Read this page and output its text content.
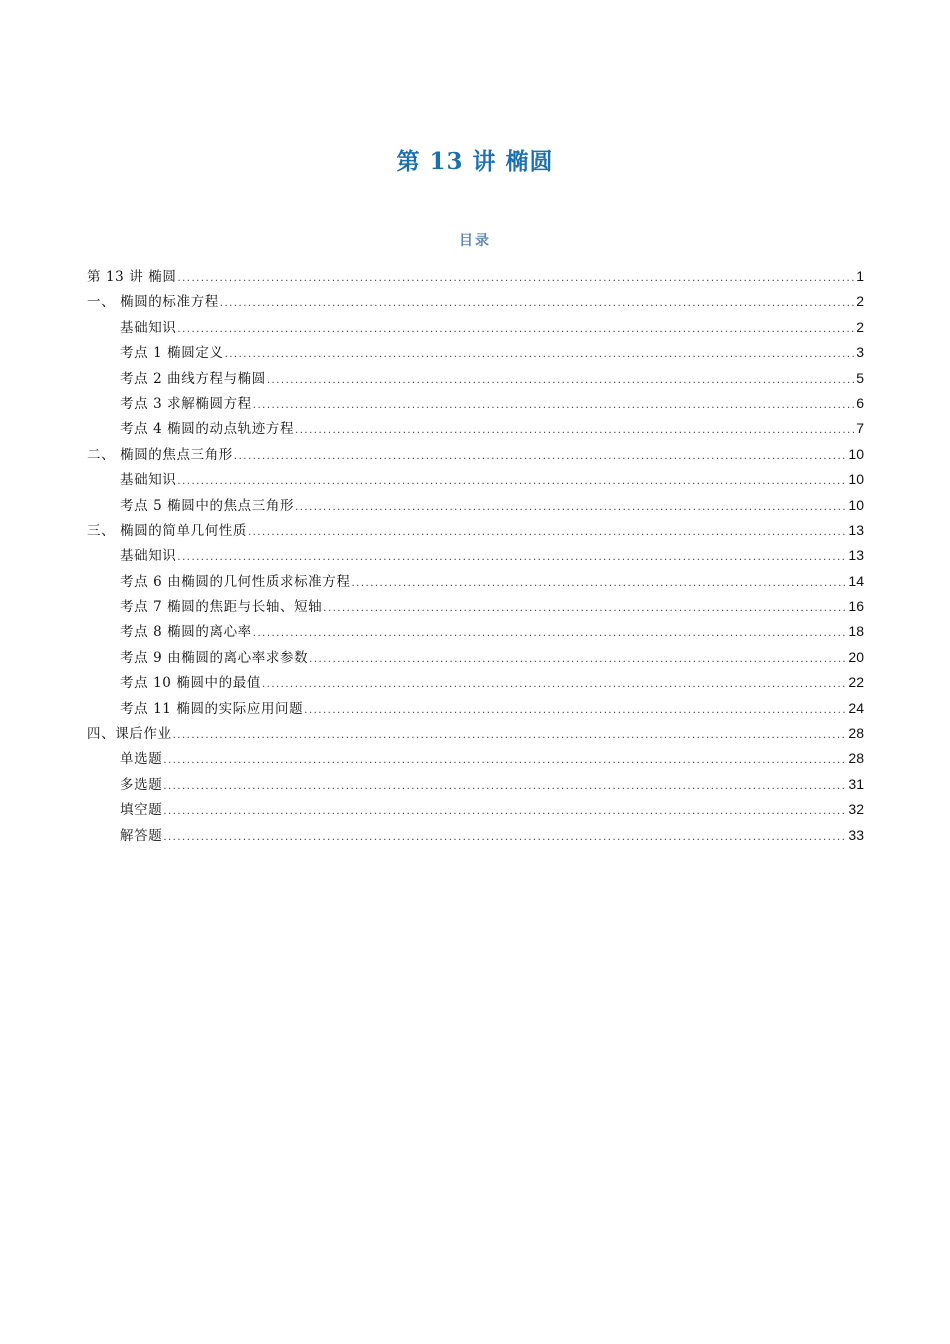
第 13 讲 椭圆
目录
第 13 讲 椭圆 .....	1
一、 椭圆的标准方程 .....	2
基础知识 .....	2
考点 1 椭圆定义 .....	3
考点 2 曲线方程与椭圆 .....	5
考点 3 求解椭圆方程 .....	6
考点 4 椭圆的动点轨迹方程 .....	7
二、 椭圆的焦点三角形 .....	10
基础知识 .....	10
考点 5 椭圆中的焦点三角形 .....	10
三、 椭圆的简单几何性质 .....	13
基础知识 .....	13
考点 6 由椭圆的几何性质求标准方程 .....	14
考点 7 椭圆的焦距与长轴、短轴 .....	16
考点 8 椭圆的离心率 .....	18
考点 9 由椭圆的离心率求参数 .....	20
考点 10 椭圆中的最值 .....	22
考点 11 椭圆的实际应用问题 .....	24
四、课后作业 .....	28
单选题 .....	28
多选题 .....	31
填空题 .....	32
解答题 .....	33
